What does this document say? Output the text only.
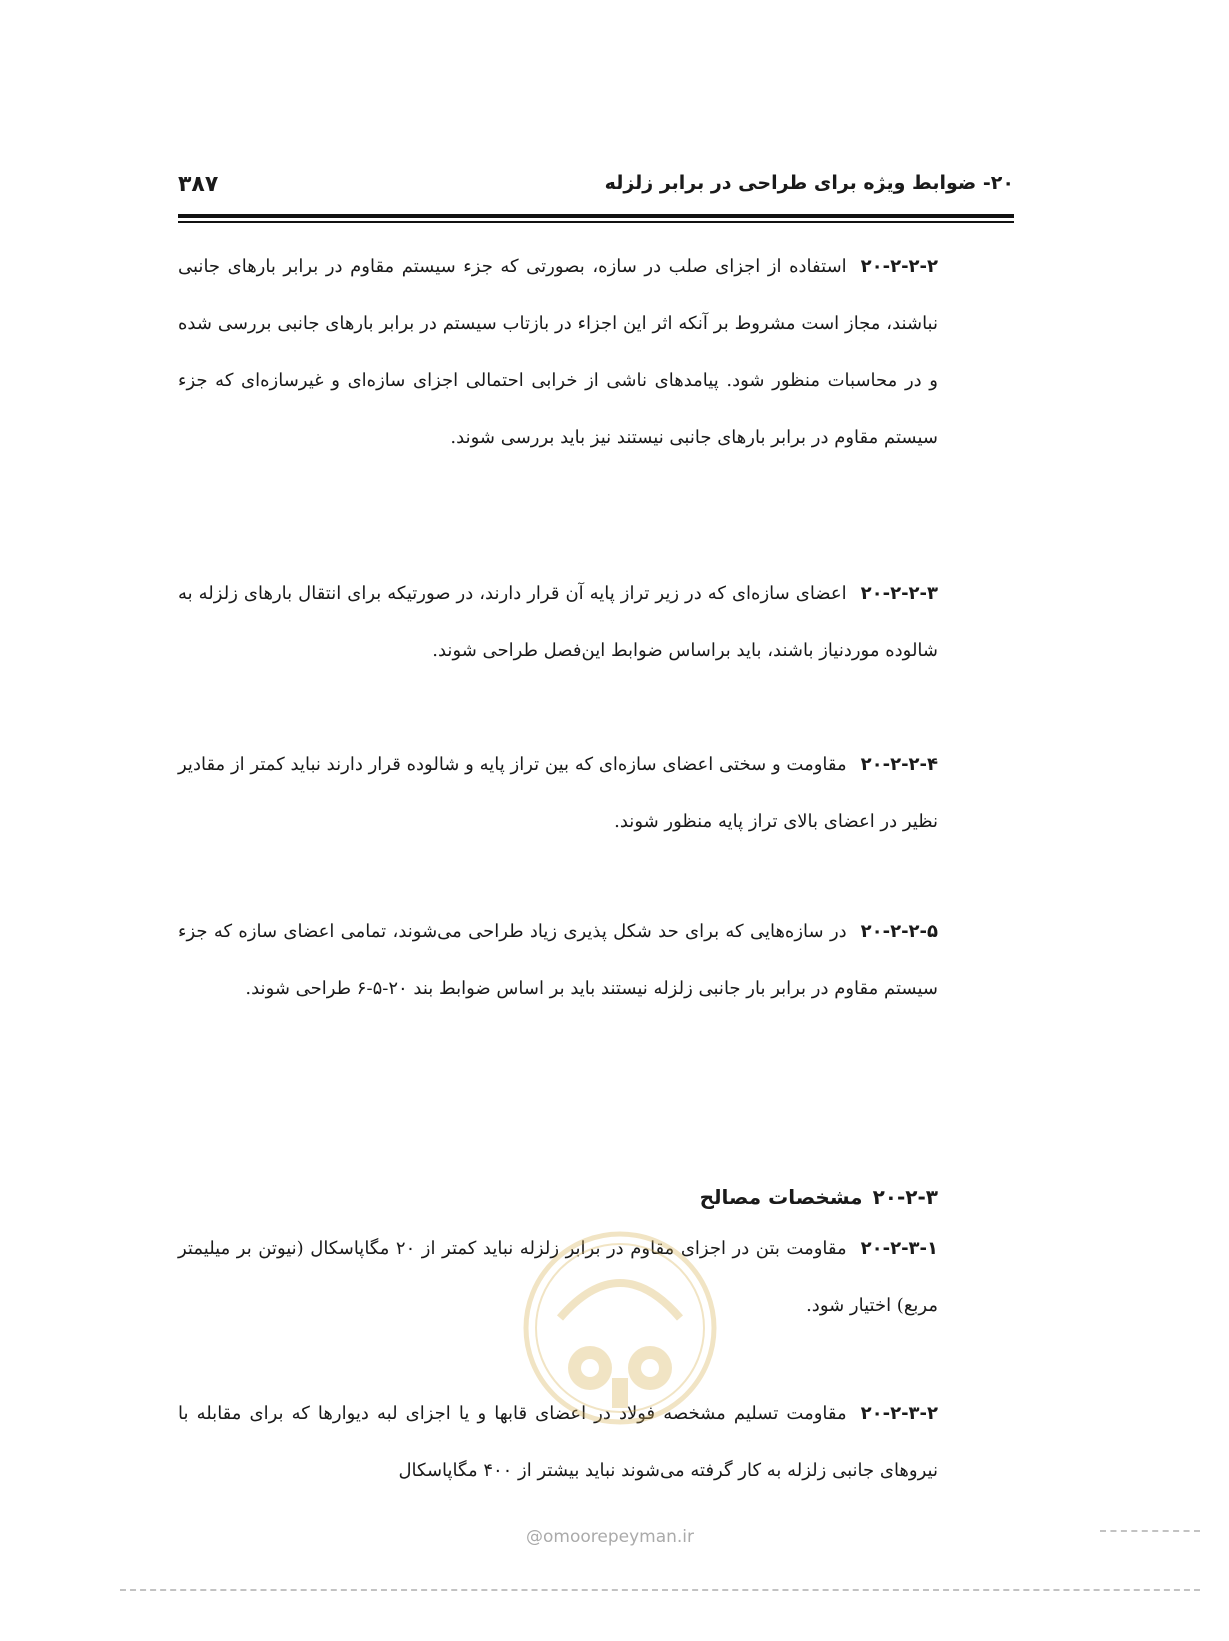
۲۰- ضوابط ویژه برای طراحی در برابر زلزله
۳۸۷

۲۰-۲-۲-۲استفاده از اجزای صلب در سازه، بصورتی که جزء سیستم مقاوم در برابر بارهای جانبی نباشند، مجاز است مشروط بر آنکه اثر این اجزاء در بازتاب سیستم در برابر بارهای جانبی بررسی شده و در محاسبات منظور شود. پیامدهای ناشی از خرابی احتمالی اجزای سازه‌ای و غیرسازه‌ای که جزء سیستم مقاوم در برابر بارهای جانبی نیستند نیز باید بررسی شوند.

۲۰-۲-۲-۳اعضای سازه‌ای که در زیر تراز پایه آن قرار دارند، در صورتیکه برای انتقال بارهای زلزله به شالوده موردنیاز باشند، باید براساس ضوابط این‌فصل طراحی شوند.

۲۰-۲-۲-۴مقاومت و سختی اعضای سازه‌ای که بین تراز پایه و شالوده قرار دارند نباید کمتر از مقادیر نظیر در اعضای بالای تراز پایه منظور شوند.

۲۰-۲-۲-۵در سازه‌هایی که برای حد شکل پذیری زیاد طراحی می‌شوند، تمامی اعضای سازه که جزء سیستم مقاوم در برابر بار جانبی زلزله نیستند باید بر اساس ضوابط بند ۲۰-۵-۶ طراحی شوند.

۲۰-۲-۳مشخصات مصالح

۲۰-۲-۳-۱مقاومت بتن در اجزای مقاوم در برابر زلزله نباید کمتر از ۲۰ مگاپاسکال (نیوتن بر میلیمتر مربع) اختیار شود.

۲۰-۲-۳-۲مقاومت تسلیم مشخصه فولاد در اعضای قابها و یا اجزای لبه دیوارها که برای مقابله با نیروهای جانبی زلزله به کار گرفته می‌شوند نباید بیشتر از ۴۰۰ مگاپاسکال

@omoorepeyman.ir
